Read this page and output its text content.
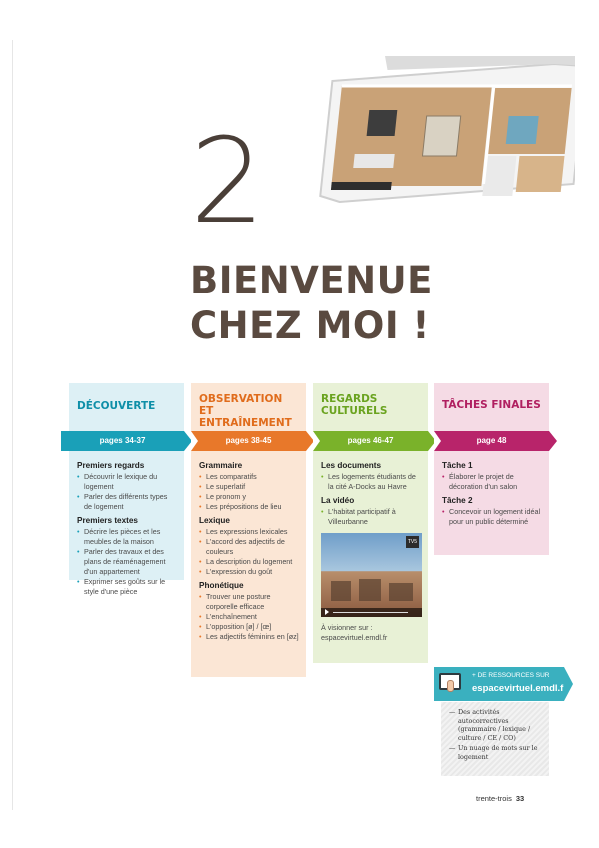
2
BIENVENUE
CHEZ MOI !
DÉCOUVERTE
pages 34-37
Premiers regards
• Découvrir le lexique du logement
• Parler des différents types de logement
Premiers textes
• Décrire les pièces et les meubles de la maison
• Parler des travaux et des plans de réaménagement d'un appartement
• Exprimer ses goûts sur le style d'une pièce
OBSERVATION ET ENTRAÎNEMENT
pages 38-45
Grammaire
• Les comparatifs
• Le superlatif
• Le pronom y
• Les prépositions de lieu
Lexique
• Les expressions lexicales
• L'accord des adjectifs de couleurs
• La description du logement
• L'expression du goût
Phonétique
• Trouver une posture corporelle efficace
• L'enchaînement
• L'opposition [ø] / [œ]
• Les adjectifs féminins en [øz]
REGARDS CULTURELS
pages 46-47
Les documents
• Les logements étudiants de la cité A-Docks au Havre
La vidéo
• L'habitat participatif à Villeurbanne
TV5
À visionner sur :
espacevirtuel.emdl.fr
TÂCHES FINALES
page 48
Tâche 1
• Élaborer le projet de décoration d'un salon
Tâche 2
• Concevoir un logement idéal pour un public déterminé
+ DE RESSOURCES SUR
espacevirtuel.emdl.fr
— Des activités autocorrectives (grammaire / lexique / culture / CE / CO)
— Un nuage de mots sur le logement
trente-trois 33
